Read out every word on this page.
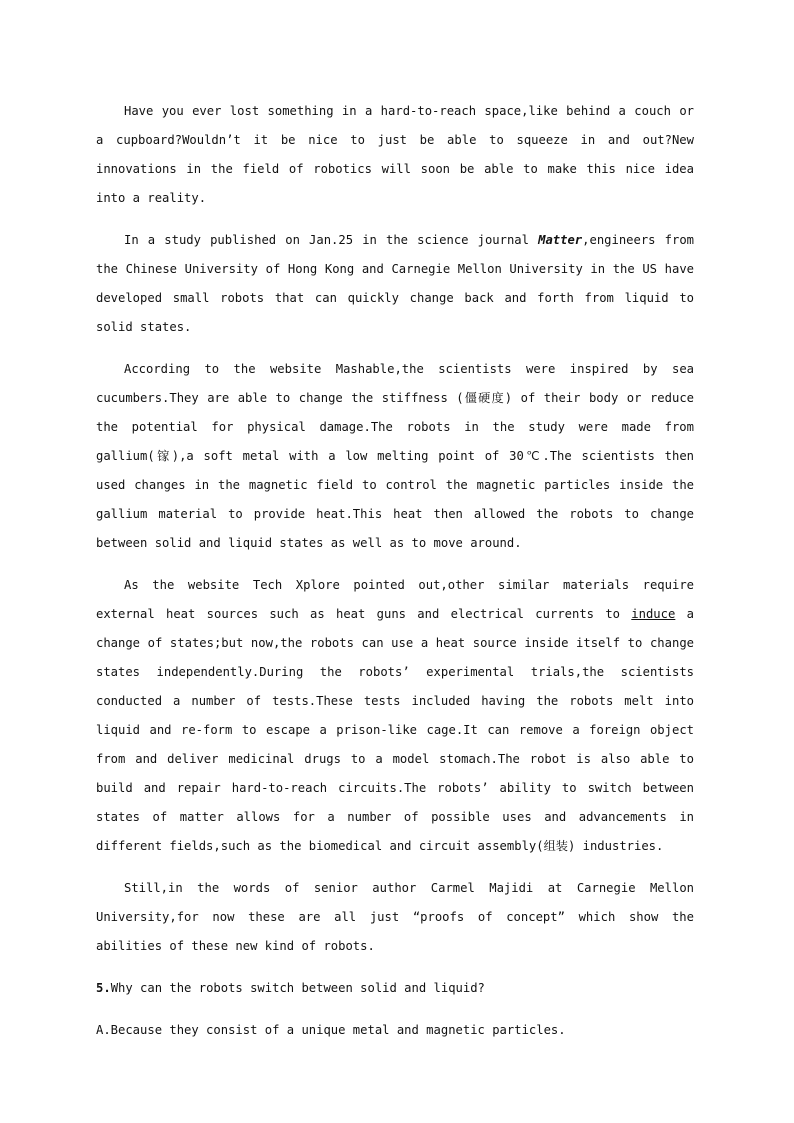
Have you ever lost something in a hard-to-reach space,like behind a couch or a cupboard?Wouldn’t it be nice to just be able to squeeze in and out?New innovations in the field of robotics will soon be able to make this nice idea into a reality.

In a study published on Jan.25 in the science journal Matter,engineers from the Chinese University of Hong Kong and Carnegie Mellon University in the US have developed small robots that can quickly change back and forth from liquid to solid states.

According to the website Mashable,the scientists were inspired by sea cucumbers.They are able to change the stiffness (僵硬度) of their body or reduce the potential for physical damage.The robots in the study were made from gallium(镓),a soft metal with a low melting point of 30℃.The scientists then used changes in the magnetic field to control the magnetic particles inside the gallium material to provide heat.This heat then allowed the robots to change between solid and liquid states as well as to move around.

As the website Tech Xplore pointed out,other similar materials require external heat sources such as heat guns and electrical currents to induce a change of states;but now,the robots can use a heat source inside itself to change states independently.During the robots’ experimental trials,the scientists conducted a number of tests.These tests included having the robots melt into liquid and re-form to escape a prison-like cage.It can remove a foreign object from and deliver medicinal drugs to a model stomach.The robot is also able to build and repair hard-to-reach circuits.The robots’ ability to switch between states of matter allows for a number of possible uses and advancements in different fields,such as the biomedical and circuit assembly(组装) industries.

Still,in the words of senior author Carmel Majidi at Carnegie Mellon University,for now these are all just “proofs of concept” which show the abilities of these new kind of robots.

5.Why can the robots switch between solid and liquid?

A.Because they consist of a unique metal and magnetic particles.
